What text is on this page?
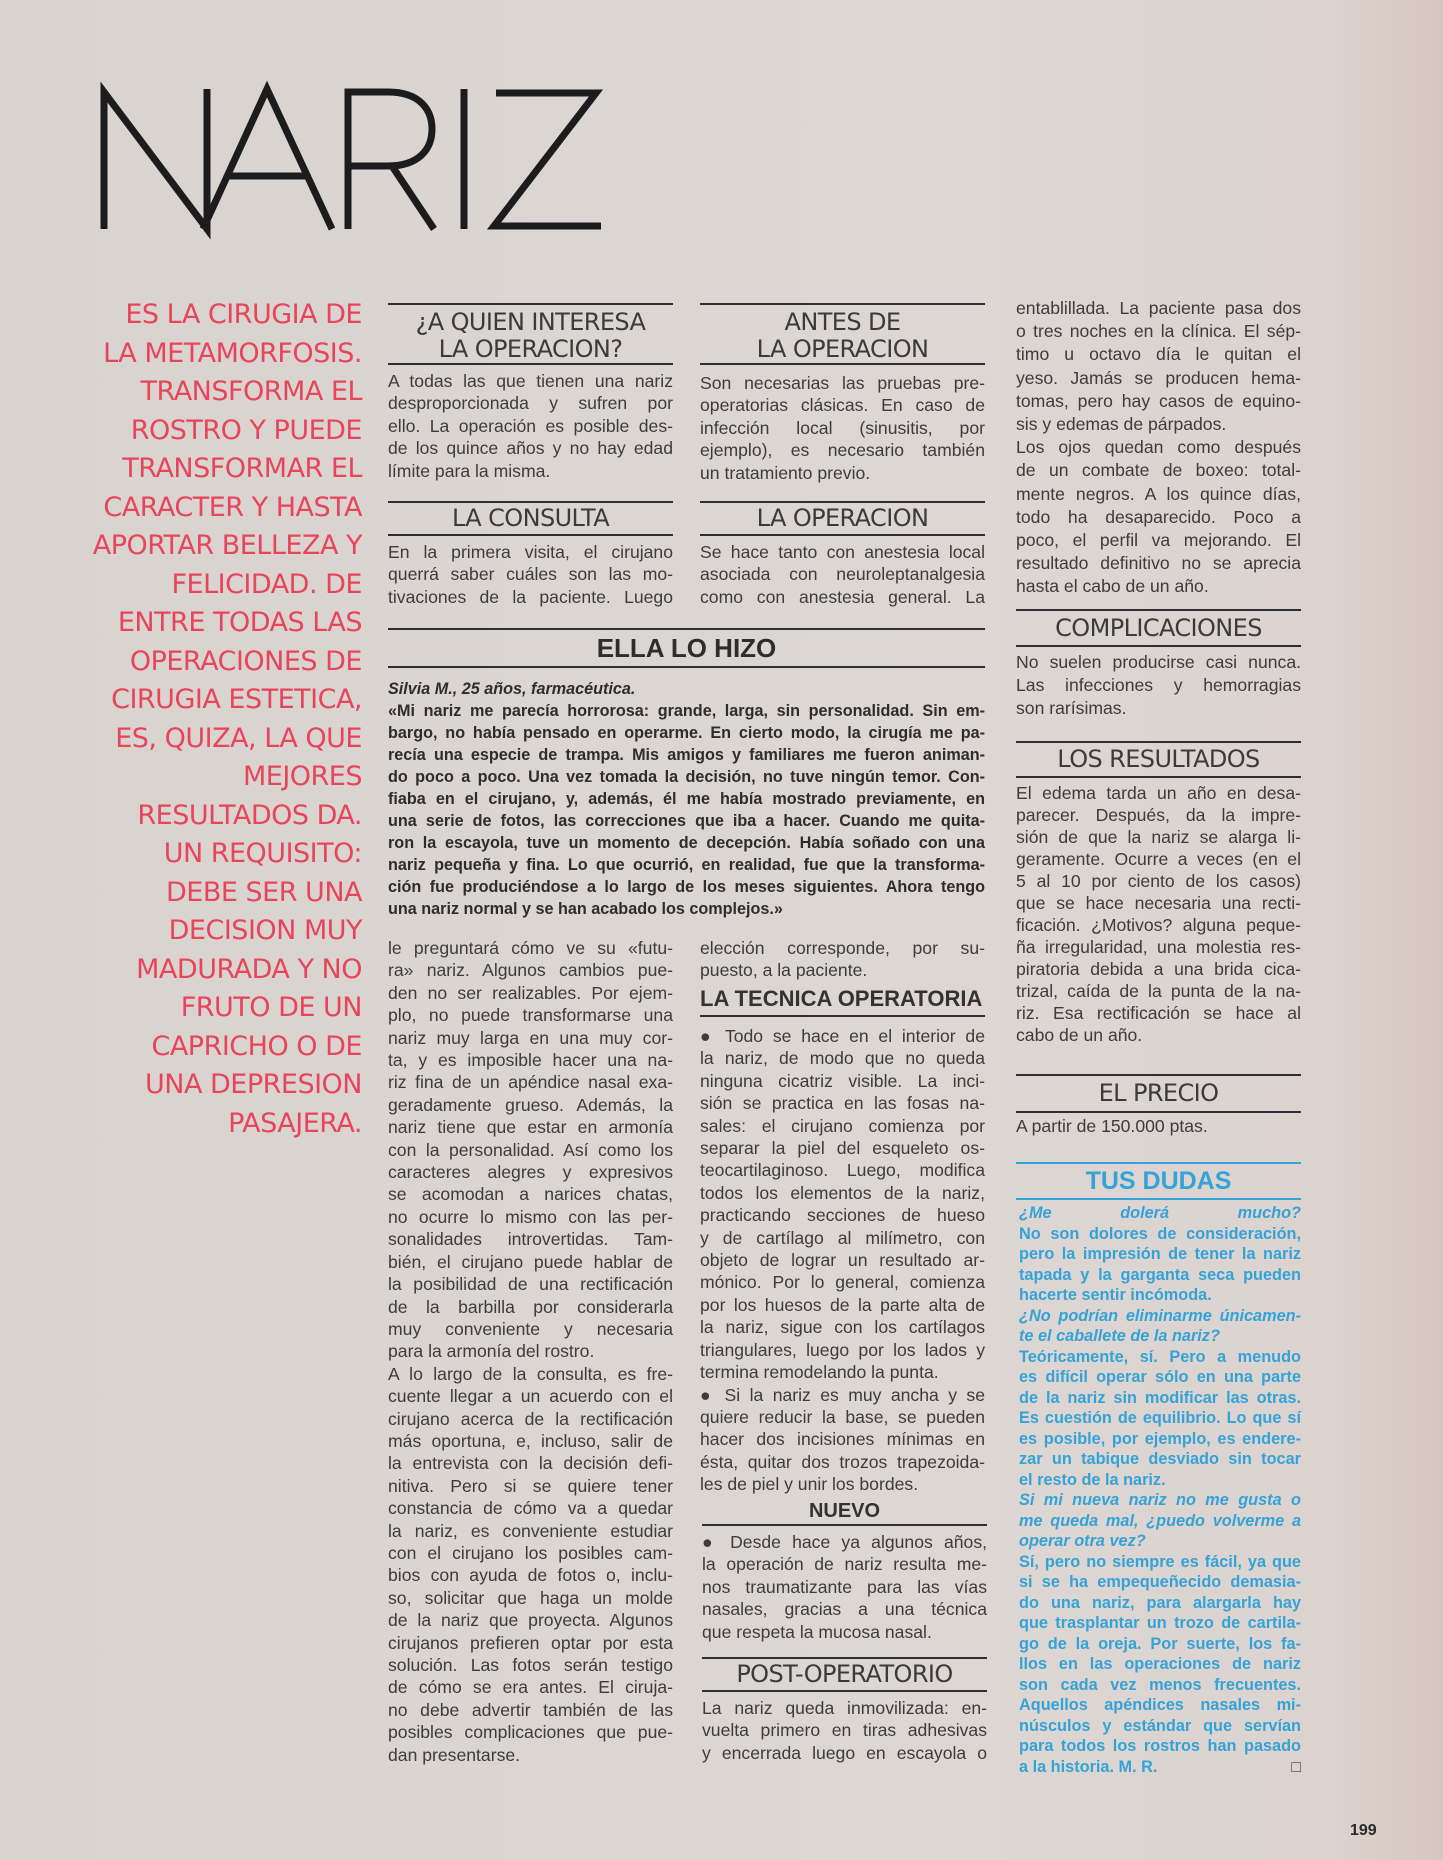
ES LA CIRUGIA DE
LA METAMORFOSIS.
TRANSFORMA EL
ROSTRO Y PUEDE
TRANSFORMAR EL
CARACTER Y HASTA
APORTAR BELLEZA Y
FELICIDAD. DE
ENTRE TODAS LAS
OPERACIONES DE
CIRUGIA ESTETICA,
ES, QUIZA, LA QUE
MEJORES
RESULTADOS DA.
UN REQUISITO:
DEBE SER UNA
DECISION MUY
MADURADA Y NO
FRUTO DE UN
CAPRICHO O DE
UNA DEPRESION
PASAJERA.
¿A QUIEN INTERESA
LA OPERACION?
A todas las que tienen una nariz
desproporcionada y sufren por
ello. La operación es posible des-
de los quince años y no hay edad
límite para la misma.
LA CONSULTA
En la primera visita, el cirujano
querrá saber cuáles son las mo-
tivaciones de la paciente. Luego
ANTES DE
LA OPERACION
Son necesarias las pruebas pre-
operatorias clásicas. En caso de
infección local (sinusitis, por
ejemplo), es necesario también
un tratamiento previo.
LA OPERACION
Se hace tanto con anestesia local
asociada con neuroleptanalgesia
como con anestesia general. La
ELLA LO HIZO
Silvia M., 25 años, farmacéutica.
«Mi nariz me parecía horrorosa: grande, larga, sin personalidad. Sin em-
bargo, no había pensado en operarme. En cierto modo, la cirugía me pa-
recía una especie de trampa. Mis amigos y familiares me fueron animan-
do poco a poco. Una vez tomada la decisión, no tuve ningún temor. Con-
fiaba en el cirujano, y, además, él me había mostrado previamente, en
una serie de fotos, las correcciones que iba a hacer. Cuando me quita-
ron la escayola, tuve un momento de decepción. Había soñado con una
nariz pequeña y fina. Lo que ocurrió, en realidad, fue que la transforma-
ción fue produciéndose a lo largo de los meses siguientes. Ahora tengo
una nariz normal y se han acabado los complejos.»
le preguntará cómo ve su «futu-
ra» nariz. Algunos cambios pue-
den no ser realizables. Por ejem-
plo, no puede transformarse una
nariz muy larga en una muy cor-
ta, y es imposible hacer una na-
riz fina de un apéndice nasal exa-
geradamente grueso. Además, la
nariz tiene que estar en armonía
con la personalidad. Así como los
caracteres alegres y expresivos
se acomodan a narices chatas,
no ocurre lo mismo con las per-
sonalidades introvertidas. Tam-
bién, el cirujano puede hablar de
la posibilidad de una rectificación
de la barbilla por considerarla
muy conveniente y necesaria
para la armonía del rostro.
A lo largo de la consulta, es fre-
cuente llegar a un acuerdo con el
cirujano acerca de la rectificación
más oportuna, e, incluso, salir de
la entrevista con la decisión defi-
nitiva. Pero si se quiere tener
constancia de cómo va a quedar
la nariz, es conveniente estudiar
con el cirujano los posibles cam-
bios con ayuda de fotos o, inclu-
so, solicitar que haga un molde
de la nariz que proyecta. Algunos
cirujanos prefieren optar por esta
solución. Las fotos serán testigo
de cómo se era antes. El ciruja-
no debe advertir también de las
posibles complicaciones que pue-
dan presentarse.
elección corresponde, por su-
puesto, a la paciente.
LA TECNICA OPERATORIA
● Todo se hace en el interior de
la nariz, de modo que no queda
ninguna cicatriz visible. La inci-
sión se practica en las fosas na-
sales: el cirujano comienza por
separar la piel del esqueleto os-
teocartilaginoso. Luego, modifica
todos los elementos de la nariz,
practicando secciones de hueso
y de cartílago al milímetro, con
objeto de lograr un resultado ar-
mónico. Por lo general, comienza
por los huesos de la parte alta de
la nariz, sigue con los cartílagos
triangulares, luego por los lados y
termina remodelando la punta.
● Si la nariz es muy ancha y se
quiere reducir la base, se pueden
hacer dos incisiones mínimas en
ésta, quitar dos trozos trapezoida-
les de piel y unir los bordes.
NUEVO
● Desde hace ya algunos años,
la operación de nariz resulta me-
nos traumatizante para las vías
nasales, gracias a una técnica
que respeta la mucosa nasal.
POST-OPERATORIO
La nariz queda inmovilizada: en-
vuelta primero en tiras adhesivas
y encerrada luego en escayola o
entablillada. La paciente pasa dos
o tres noches en la clínica. El sép-
timo u octavo día le quitan el
yeso. Jamás se producen hema-
tomas, pero hay casos de equino-
sis y edemas de párpados.
Los ojos quedan como después
de un combate de boxeo: total-
mente negros. A los quince días,
todo ha desaparecido. Poco a
poco, el perfil va mejorando. El
resultado definitivo no se aprecia
hasta el cabo de un año.
COMPLICACIONES
No suelen producirse casi nunca.
Las infecciones y hemorragias
son rarísimas.
LOS RESULTADOS
El edema tarda un año en desa-
parecer. Después, da la impre-
sión de que la nariz se alarga li-
geramente. Ocurre a veces (en el
5 al 10 por ciento de los casos)
que se hace necesaria una recti-
ficación. ¿Motivos? alguna peque-
ña irregularidad, una molestia res-
piratoria debida a una brida cica-
trizal, caída de la punta de la na-
riz. Esa rectificación se hace al
cabo de un año.
EL PRECIO
A partir de 150.000 ptas.
TUS DUDAS
¿Me dolerá mucho?
No son dolores de consideración,
pero la impresión de tener la nariz
tapada y la garganta seca pueden
hacerte sentir incómoda.
¿No podrían eliminarme únicamen-
te el caballete de la nariz?
Teóricamente, sí. Pero a menudo
es difícil operar sólo en una parte
de la nariz sin modificar las otras.
Es cuestión de equilibrio. Lo que sí
es posible, por ejemplo, es endere-
zar un tabique desviado sin tocar
el resto de la nariz.
Si mi nueva nariz no me gusta o
me queda mal, ¿puedo volverme a
operar otra vez?
Sí, pero no siempre es fácil, ya que
si se ha empequeñecido demasia-
do una nariz, para alargarla hay
que trasplantar un trozo de cartila-
go de la oreja. Por suerte, los fa-
llos en las operaciones de nariz
son cada vez menos frecuentes.
Aquellos apéndices nasales mi-
núsculos y estándar que servían
para todos los rostros han pasado
a la historia. M. R.	□
199
